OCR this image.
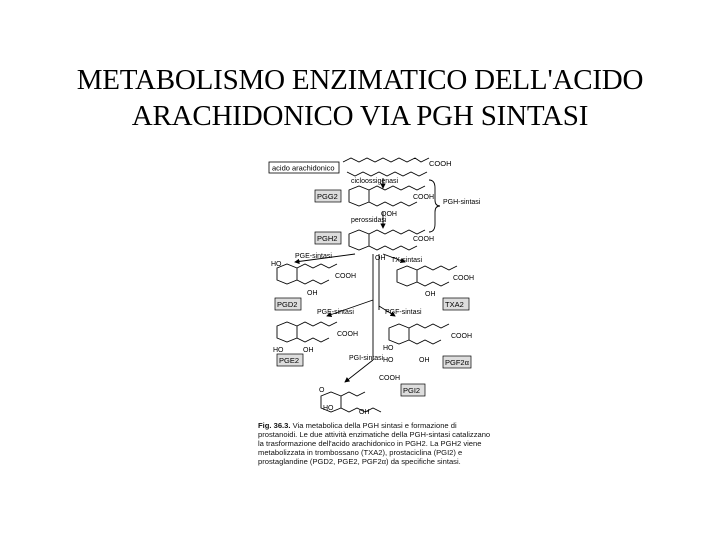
METABOLISMO ENZIMATICO DELL'ACIDO
ARACHIDONICO VIA PGH SINTASI
acido arachidonico	COOH
cicloossigenasi
PGG2	COOH
PGH-sintasi
OOH
perossidasi
PGH2	COOH
OH
PGE-sintasi
TX-sintasi
HO
COOH	COOH
OH	OH
PGD2	TXA2
PGE-sintasi	PGF-sintasi
COOH	COOH
HO
HO	OH
HO	OH
PGE2	PGF2α
PGI-sintasi
COOH
PGI2
O
HO
OH
Fig. 36.3. Via metabolica della PGH sintasi e formazione di prostanoidi. Le due attività enzimatiche della PGH-sintasi catalizzano la trasformazione dell'acido arachidonico in PGH2. La PGH2 viene metabolizzata in trombossano (TXA2), prostaciclina (PGI2) e prostaglandine (PGD2, PGE2, PGF2α) da specifiche sintasi.
